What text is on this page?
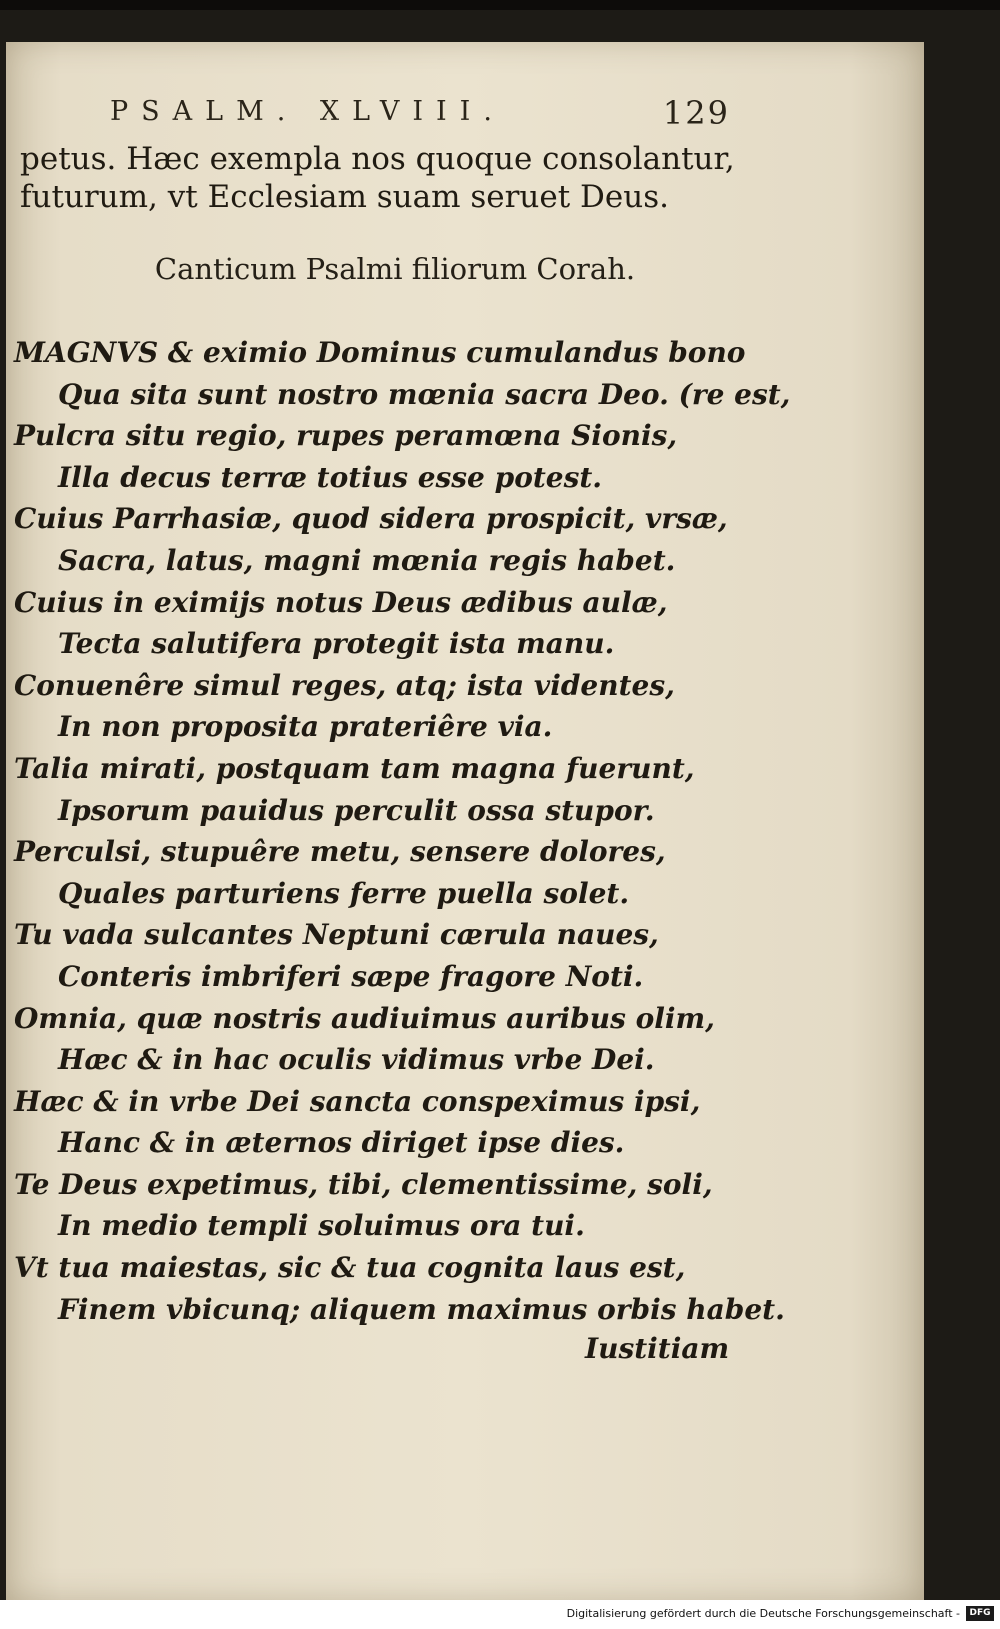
PSALM. XLVIII.	129
petus. Hæc exempla nos quoque consolantur,
futurum, vt Ecclesiam suam seruet Deus.
Canticum Psalmi filiorum Corah.
MAGNVS & eximio Dominus cumulandus bono
Qua sita sunt nostro mœnia sacra Deo. (re est,
Pulcra situ regio, rupes peramœna Sionis,
Illa decus terræ totius esse potest.
Cuius Parrhasiæ, quod sidera prospicit, vrsæ,
Sacra, latus, magni mœnia regis habet.
Cuius in eximijs notus Deus ædibus aulæ,
Tecta salutifera protegit ista manu.
Conuenêre simul reges, atq; ista videntes,
In non proposita prateriêre via.
Talia mirati, postquam tam magna fuerunt,
Ipsorum pauidus perculit ossa stupor.
Perculsi, stupuêre metu, sensere dolores,
Quales parturiens ferre puella solet.
Tu vada sulcantes Neptuni cærula naues,
Conteris imbriferi sæpe fragore Noti.
Omnia, quæ nostris audiuimus auribus olim,
Hæc & in hac oculis vidimus vrbe Dei.
Hæc & in vrbe Dei sancta conspeximus ipsi,
Hanc & in æternos diriget ipse dies.
Te Deus expetimus, tibi, clementissime, soli,
In medio templi soluimus ora tui.
Vt tua maiestas, sic & tua cognita laus est,
Finem vbicunq; aliquem maximus orbis habet.
Iustitiam
Digitalisierung gefördert durch die Deutsche Forschungsgemeinschaft -	DFG
